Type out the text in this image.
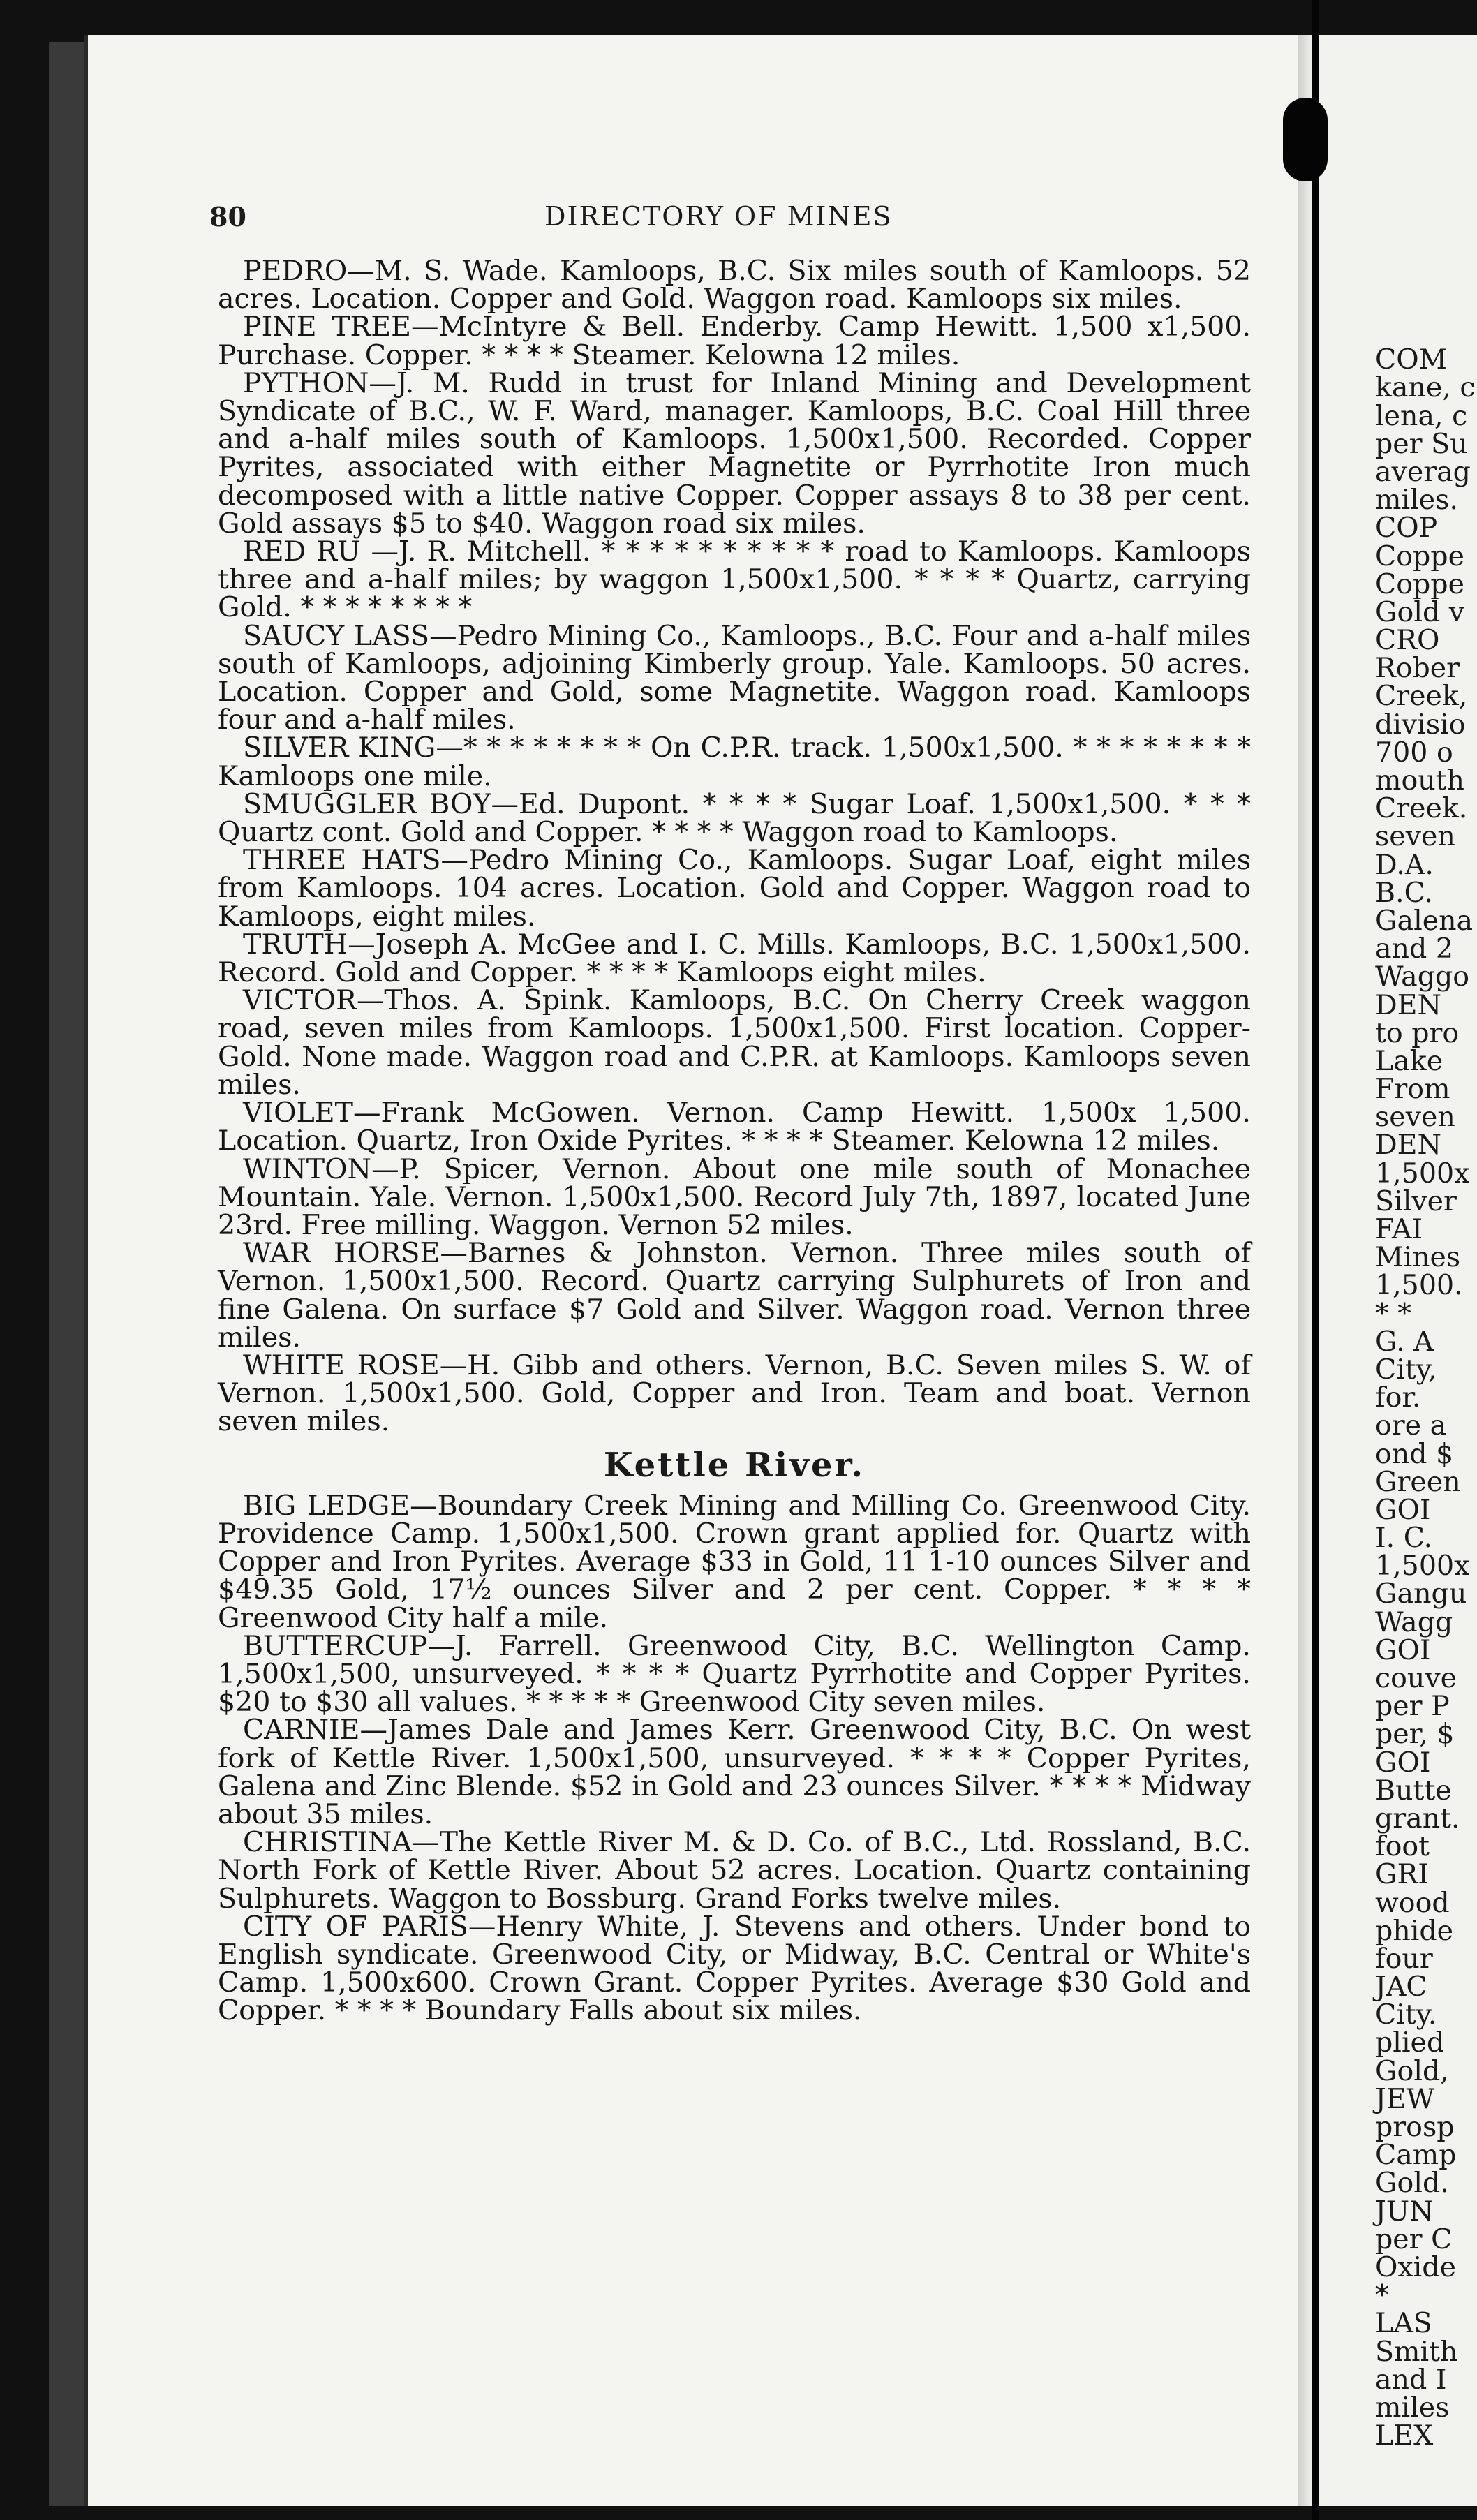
COM
kane, c
lena, c
per Su
averag
miles.
COP
Coppe
Coppe
Gold v
CRO
Rober
Creek,
divisio
700 o
mouth
Creek.
seven
D.A.
B.C.
Galena
and 2
Waggo
DEN
to pro
Lake
From
seven
DEN
1,500x
Silver
FAI
Mines
1,500.
* *
G. A
City,
for.
ore a
ond $
Green
GOI
I. C.
1,500x
Gangu
Wagg
GOI
couve
per P
per, $
GOI
Butte
grant.
foot
GRI
wood
phide
four
JAC
City.
plied
Gold,
JEW
prosp
Camp
Gold.
JUN
per C
Oxide
*
LAS
Smith
and I
miles
LEX
80	DIRECTORY OF MINES

PEDRO—M. S. Wade. Kamloops, B.C. Six miles south of Kamloops. 52 acres. Location. Copper and Gold. Waggon road. Kamloops six miles.

PINE TREE—McIntyre & Bell. Enderby. Camp Hewitt. 1,500 x1,500. Purchase. Copper. * * * * Steamer. Kelowna 12 miles.

PYTHON—J. M. Rudd in trust for Inland Mining and Development Syndicate of B.C., W. F. Ward, manager. Kamloops, B.C. Coal Hill three and a-half miles south of Kamloops. 1,500x1,500. Recorded. Copper Pyrites, associated with either Magnetite or Pyrrhotite Iron much decomposed with a little native Copper. Copper assays 8 to 38 per cent. Gold assays $5 to $40. Waggon road six miles.

RED RU —J. R. Mitchell. * * * * * * * * * * road to Kamloops. Kamloops three and a-half miles; by waggon 1,500x1,500. * * * * Quartz, carrying Gold. * * * * * * * *

SAUCY LASS—Pedro Mining Co., Kamloops., B.C. Four and a-half miles south of Kamloops, adjoining Kimberly group. Yale. Kamloops. 50 acres. Location. Copper and Gold, some Magnetite. Waggon road. Kamloops four and a-half miles.

SILVER KING—* * * * * * * * On C.P.R. track. 1,500x1,500. * * * * * * * * Kamloops one mile.

SMUGGLER BOY—Ed. Dupont. * * * * Sugar Loaf. 1,500x1,500. * * * Quartz cont. Gold and Copper. * * * * Waggon road to Kamloops.

THREE HATS—Pedro Mining Co., Kamloops. Sugar Loaf, eight miles from Kamloops. 104 acres. Location. Gold and Copper. Waggon road to Kamloops, eight miles.

TRUTH—Joseph A. McGee and I. C. Mills. Kamloops, B.C. 1,500x1,500. Record. Gold and Copper. * * * * Kamloops eight miles.

VICTOR—Thos. A. Spink. Kamloops, B.C. On Cherry Creek waggon road, seven miles from Kamloops. 1,500x1,500. First location. Copper-Gold. None made. Waggon road and C.P.R. at Kamloops. Kamloops seven miles.

VIOLET—Frank McGowen. Vernon. Camp Hewitt. 1,500x 1,500. Location. Quartz, Iron Oxide Pyrites. * * * * Steamer. Kelowna 12 miles.

WINTON—P. Spicer, Vernon. About one mile south of Monachee Mountain. Yale. Vernon. 1,500x1,500. Record July 7th, 1897, located June 23rd. Free milling. Waggon. Vernon 52 miles.

WAR HORSE—Barnes & Johnston. Vernon. Three miles south of Vernon. 1,500x1,500. Record. Quartz carrying Sulphurets of Iron and fine Galena. On surface $7 Gold and Silver. Waggon road. Vernon three miles.

WHITE ROSE—H. Gibb and others. Vernon, B.C. Seven miles S. W. of Vernon. 1,500x1,500. Gold, Copper and Iron. Team and boat. Vernon seven miles.

Kettle River.

BIG LEDGE—Boundary Creek Mining and Milling Co. Greenwood City. Providence Camp. 1,500x1,500. Crown grant applied for. Quartz with Copper and Iron Pyrites. Average $33 in Gold, 11 1-10 ounces Silver and $49.35 Gold, 17½ ounces Silver and 2 per cent. Copper. * * * * Greenwood City half a mile.

BUTTERCUP—J. Farrell. Greenwood City, B.C. Wellington Camp. 1,500x1,500, unsurveyed. * * * * Quartz Pyrrhotite and Copper Pyrites. $20 to $30 all values. * * * * * Greenwood City seven miles.

CARNIE—James Dale and James Kerr. Greenwood City, B.C. On west fork of Kettle River. 1,500x1,500, unsurveyed. * * * * Copper Pyrites, Galena and Zinc Blende. $52 in Gold and 23 ounces Silver. * * * * Midway about 35 miles.

CHRISTINA—The Kettle River M. & D. Co. of B.C., Ltd. Rossland, B.C. North Fork of Kettle River. About 52 acres. Location. Quartz containing Sulphurets. Waggon to Bossburg. Grand Forks twelve miles.

CITY OF PARIS—Henry White, J. Stevens and others. Under bond to English syndicate. Greenwood City, or Midway, B.C. Central or White's Camp. 1,500x600. Crown Grant. Copper Pyrites. Average $30 Gold and Copper. * * * * Boundary Falls about six miles.
